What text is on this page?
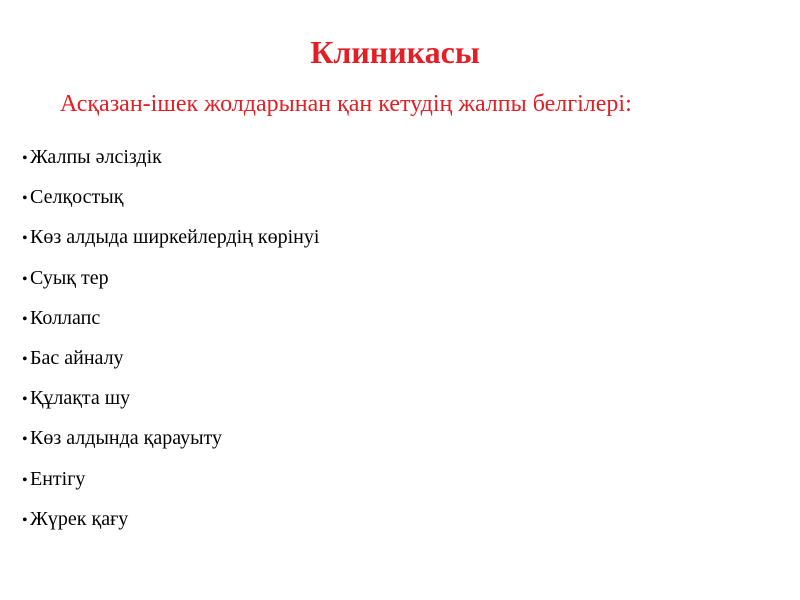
Клиникасы
Асқазан-ішек жолдарынан қан кетудің жалпы белгілері:
• Жалпы әлсіздік
• Селқостық
• Көз алдыда ширкейлердің көрінуі
• Суық тер
• Коллапс
• Бас айналу
• Құлақта шу
• Көз алдында қарауыту
• Ентігу
• Жүрек қағу
